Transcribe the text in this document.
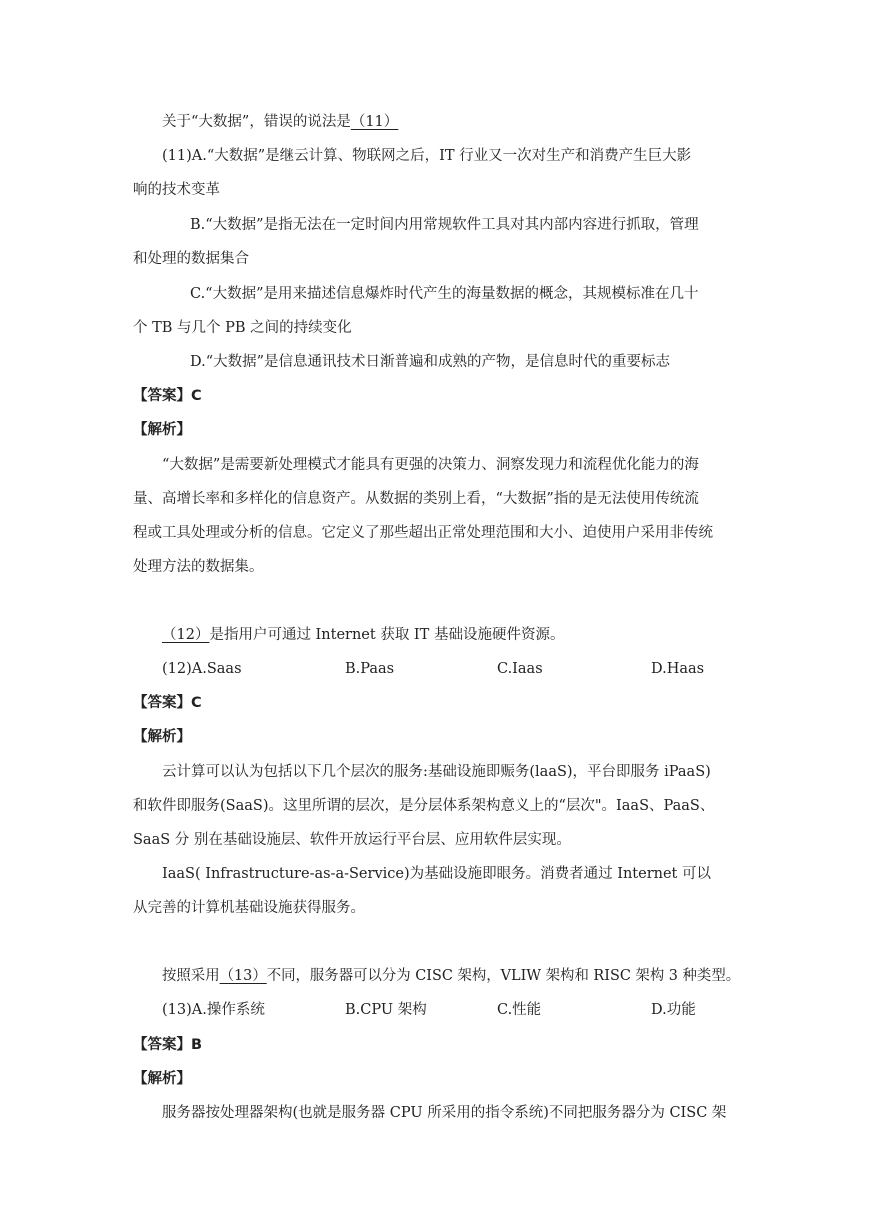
关于“大数据”，错误的说法是（11）
(11)A.“大数据”是继云计算、物联网之后，IT 行业又一次对生产和消费产生巨大影
响的技术变革
B.“大数据”是指无法在一定时间内用常规软件工具对其内部内容进行抓取，管理
和处理的数据集合
C.“大数据”是用来描述信息爆炸时代产生的海量数据的概念，其规模标准在几十
个 TB 与几个 PB 之间的持续变化
D.“大数据”是信息通讯技术日渐普遍和成熟的产物，是信息时代的重要标志
【答案】C
【解析】
“大数据”是需要新处理模式才能具有更强的决策力、洞察发现力和流程优化能力的海
量、高增长率和多样化的信息资产。从数据的类别上看，“大数据”指的是无法使用传统流
程或工具处理或分析的信息。它定义了那些超出正常处理范围和大小、迫使用户采用非传统
处理方法的数据集。
（12）是指用户可通过 Internet 获取 IT 基础设施硬件资源。
(12)A.Saas	B.Paas	C.Iaas	D.Haas
【答案】C
【解析】
云计算可以认为包括以下几个层次的服务:基础设施即赈务(laaS)，平台即服务 iPaaS)
和软件即服务(SaaS)。这里所谓的层次，是分层体系架构意义上的“层次"。IaaS、PaaS、
SaaS 分 别在基础设施层、软件开放运行平台层、应用软件层实现。
IaaS( Infrastructure-as-a-Service)为基础设施即眼务。消费者通过 Internet 可以
从完善的计算机基础设施获得服务。
按照采用（13）不同，服务器可以分为 CISC 架构，VLIW 架构和 RISC 架构 3 种类型。
(13)A.操作系统	B.CPU 架构	C.性能	D.功能
【答案】B
【解析】
服务器按处理器架构(也就是服务器 CPU 所采用的指令系统)不同把服务器分为 CISC 架
